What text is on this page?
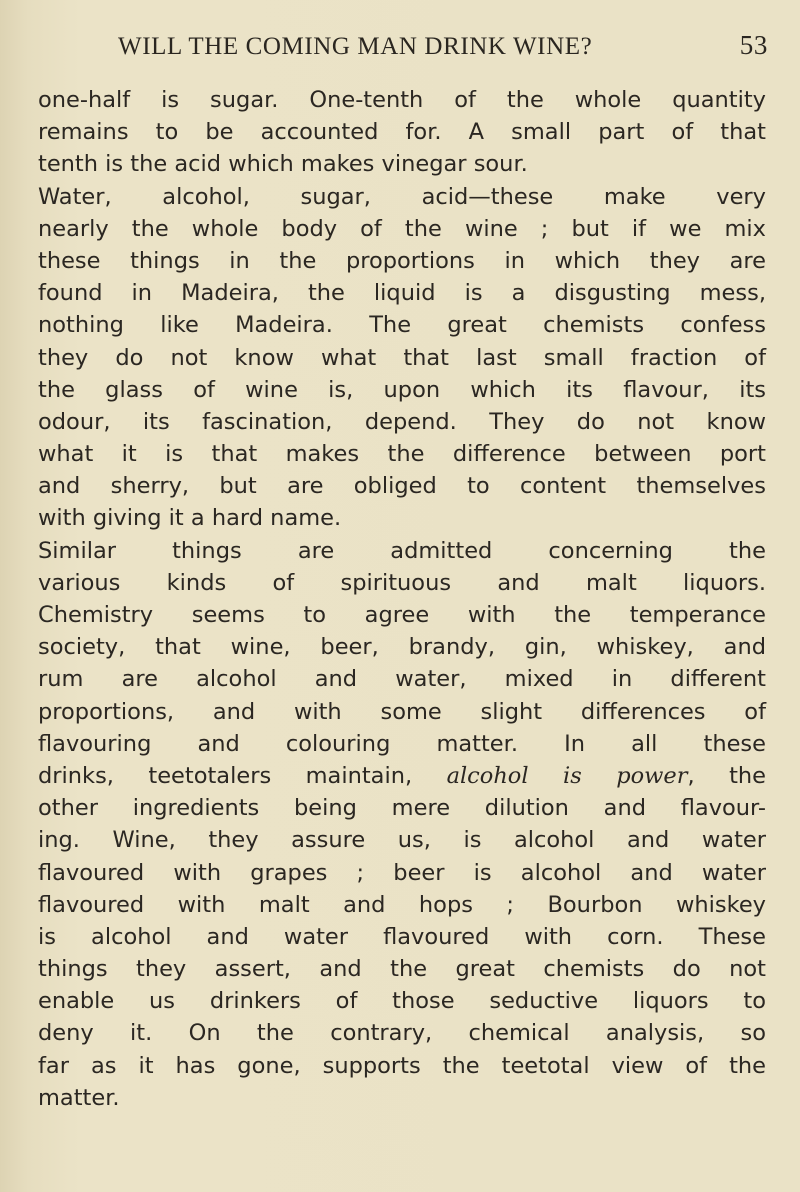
WILL THE COMING MAN DRINK WINE?	53
one-half is sugar. One-tenth of the whole quantity
remains to be accounted for. A small part of that
tenth is the acid which makes vinegar sour.
Water, alcohol, sugar, acid—these make very
nearly the whole body of the wine ; but if we mix
these things in the proportions in which they are
found in Madeira, the liquid is a disgusting mess,
nothing like Madeira. The great chemists confess
they do not know what that last small fraction of
the glass of wine is, upon which its flavour, its
odour, its fascination, depend. They do not know
what it is that makes the difference between port
and sherry, but are obliged to content themselves
with giving it a hard name.
Similar things are admitted concerning the
various kinds of spirituous and malt liquors.
Chemistry seems to agree with the temperance
society, that wine, beer, brandy, gin, whiskey, and
rum are alcohol and water, mixed in different
proportions, and with some slight differences of
flavouring and colouring matter. In all these
drinks, teetotalers maintain, alcohol is power, the
other ingredients being mere dilution and flavour-
ing. Wine, they assure us, is alcohol and water
flavoured with grapes ; beer is alcohol and water
flavoured with malt and hops ; Bourbon whiskey
is alcohol and water flavoured with corn. These
things they assert, and the great chemists do not
enable us drinkers of those seductive liquors to
deny it. On the contrary, chemical analysis, so
far as it has gone, supports the teetotal view of the
matter.
